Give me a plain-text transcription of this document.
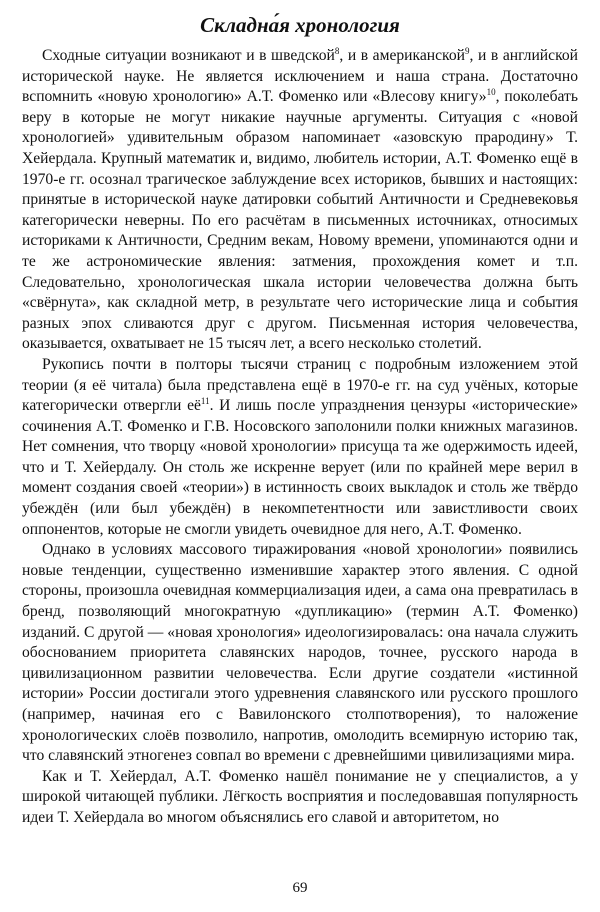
Складна́я хронология

Сходные ситуации возникают и в шведской$^8$, и в американской$^9$, и в английской исторической науке. Не является исключением и наша страна. Достаточно вспомнить «новую хронологию» А.Т. Фоменко или «Влесову книгу»$^{10}$, поколебать веру в которые не могут никакие научные аргументы. Ситуация с «новой хронологией» удивительным образом напоминает «азовскую прародину» Т. Хейердала. Крупный математик и, видимо, любитель истории, А.Т. Фоменко ещё в 1970-е гг. осознал трагическое заблуждение всех историков, бывших и настоящих: принятые в исторической науке датировки событий Античности и Средневековья категорически неверны. По его расчётам в письменных источниках, относимых историками к Античности, Средним векам, Новому времени, упоминаются одни и те же астрономические явления: затмения, прохождения комет и т.п. Следовательно, хронологическая шкала истории человечества должна быть «свёрнута», как складной метр, в результате чего исторические лица и события разных эпох сливаются друг с другом. Письменная история человечества, оказывается, охватывает не 15 тысяч лет, а всего несколько столетий.

Рукопись почти в полторы тысячи страниц с подробным изложением этой теории (я её читала) была представлена ещё в 1970-е гг. на суд учёных, которые категорически отвергли $её^{11}$. И лишь после упразднения цензуры «исторические» сочинения А.Т. Фоменко и Г.В. Носовского заполонили полки книжных магазинов. Нет сомнения, что творцу «новой хронологии» присуща та же одержимость идеей, что и Т. Хейердалу. Он столь же искренне верует (или по крайней мере верил в момент создания своей «теории») в истинность своих выкладок и столь же твёрдо убеждён (или был убеждён) в некомпетентности или завистливости своих оппонентов, которые не смогли увидеть очевидное для него, А.Т. Фоменко.

Однако в условиях массового тиражирования «новой хронологии» появились новые тенденции, существенно изменившие характер этого явления. С одной стороны, произошла очевидная коммерциализация идеи, а сама она превратилась в бренд, позволяющий многократную «дупликацию» (термин А.Т. Фоменко) изданий. С другой — «новая хронология» идеологизировалась: она начала служить обоснованием приоритета славянских народов, точнее, русского народа в цивилизационном развитии человечества. Если другие создатели «истинной истории» России достигали этого удревнения славянского или русского прошлого (например, начиная его с Вавилонского столпотворения), то наложение хронологических слоёв позволило, напротив, омолодить всемирную историю так, что славянский этногенез совпал во времени с древнейшими цивилизациями мира.

Как и Т. Хейердал, А.Т. Фоменко нашёл понимание не у специалистов, а у широкой читающей публики. Лёгкость восприятия и последовавшая популярность идеи Т. Хейердала во многом объяснялись его славой и авторитетом, но

69
